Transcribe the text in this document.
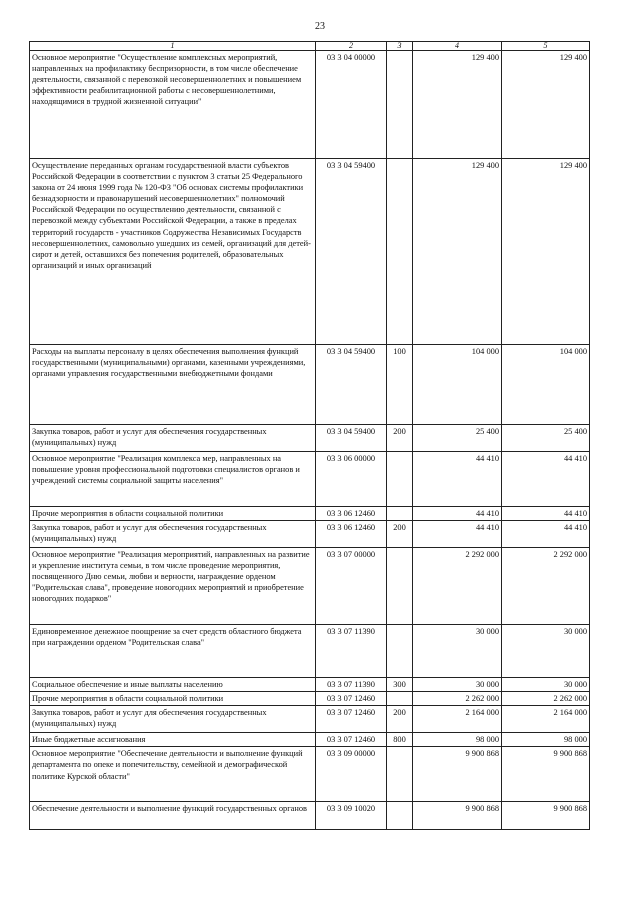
23
1	2	3	4	5
Основное мероприятие "Осуществление комплексных мероприятий, направленных на профилактику беспризорности, в том числе обеспечение деятельности, связанной с перевозкой несовершеннолетних и повышением эффективности реабилитационной работы с несовершеннолетними, находящимися в трудной жизненной ситуации"	03 3 04 00000		129 400	129 400
Осуществление переданных органам государственной власти субъектов Российской Федерации в соответствии с пунктом 3 статьи 25 Федерального закона от 24 июня 1999 года № 120-ФЗ "Об основах системы профилактики безнадзорности и правонарушений несовершеннолетних" полномочий Российской Федерации по осуществлению деятельности, связанной с перевозкой между субъектами Российской Федерации, а также в пределах территорий государств - участников Содружества Независимых Государств несовершеннолетних, самовольно ушедших из семей, организаций для детей-сирот и детей, оставшихся без попечения родителей, образовательных организаций и иных организаций	03 3 04 59400		129 400	129 400
Расходы на выплаты персоналу в целях обеспечения выполнения функций государственными (муниципальными) органами, казенными учреждениями, органами управления государственными внебюджетными фондами	03 3 04 59400	100	104 000	104 000
Закупка товаров, работ и услуг для обеспечения государственных (муниципальных) нужд	03 3 04 59400	200	25 400	25 400
Основное мероприятие "Реализация комплекса мер, направленных на повышение уровня профессиональной подготовки специалистов органов и учреждений системы социальной защиты населения"	03 3 06 00000		44 410	44 410
Прочие мероприятия в области социальной политики	03 3 06 12460		44 410	44 410
Закупка товаров, работ и услуг для обеспечения государственных (муниципальных) нужд	03 3 06 12460	200	44 410	44 410
Основное мероприятие "Реализация мероприятий, направленных на развитие и укрепление института семьи, в том числе проведение мероприятия, посвященного Дню семьи, любви и верности, награждение орденом "Родительская слава", проведение новогодних мероприятий и приобретение новогодних подарков"	03 3 07 00000		2 292 000	2 292 000
Единовременное денежное поощрение за счет средств областного бюджета при награждении орденом "Родительская слава"	03 3 07 11390		30 000	30 000
Социальное обеспечение и иные выплаты населению	03 3 07 11390	300	30 000	30 000
Прочие мероприятия в области социальной политики	03 3 07 12460		2 262 000	2 262 000
Закупка товаров, работ и услуг для обеспечения государственных (муниципальных) нужд	03 3 07 12460	200	2 164 000	2 164 000
Иные бюджетные ассигнования	03 3 07 12460	800	98 000	98 000
Основное мероприятие "Обеспечение деятельности и выполнение функций департамента по опеке и попечительству, семейной и демографической политике Курской области"	03 3 09 00000		9 900 868	9 900 868
Обеспечение деятельности и выполнение функций государственных органов	03 3 09 10020		9 900 868	9 900 868
